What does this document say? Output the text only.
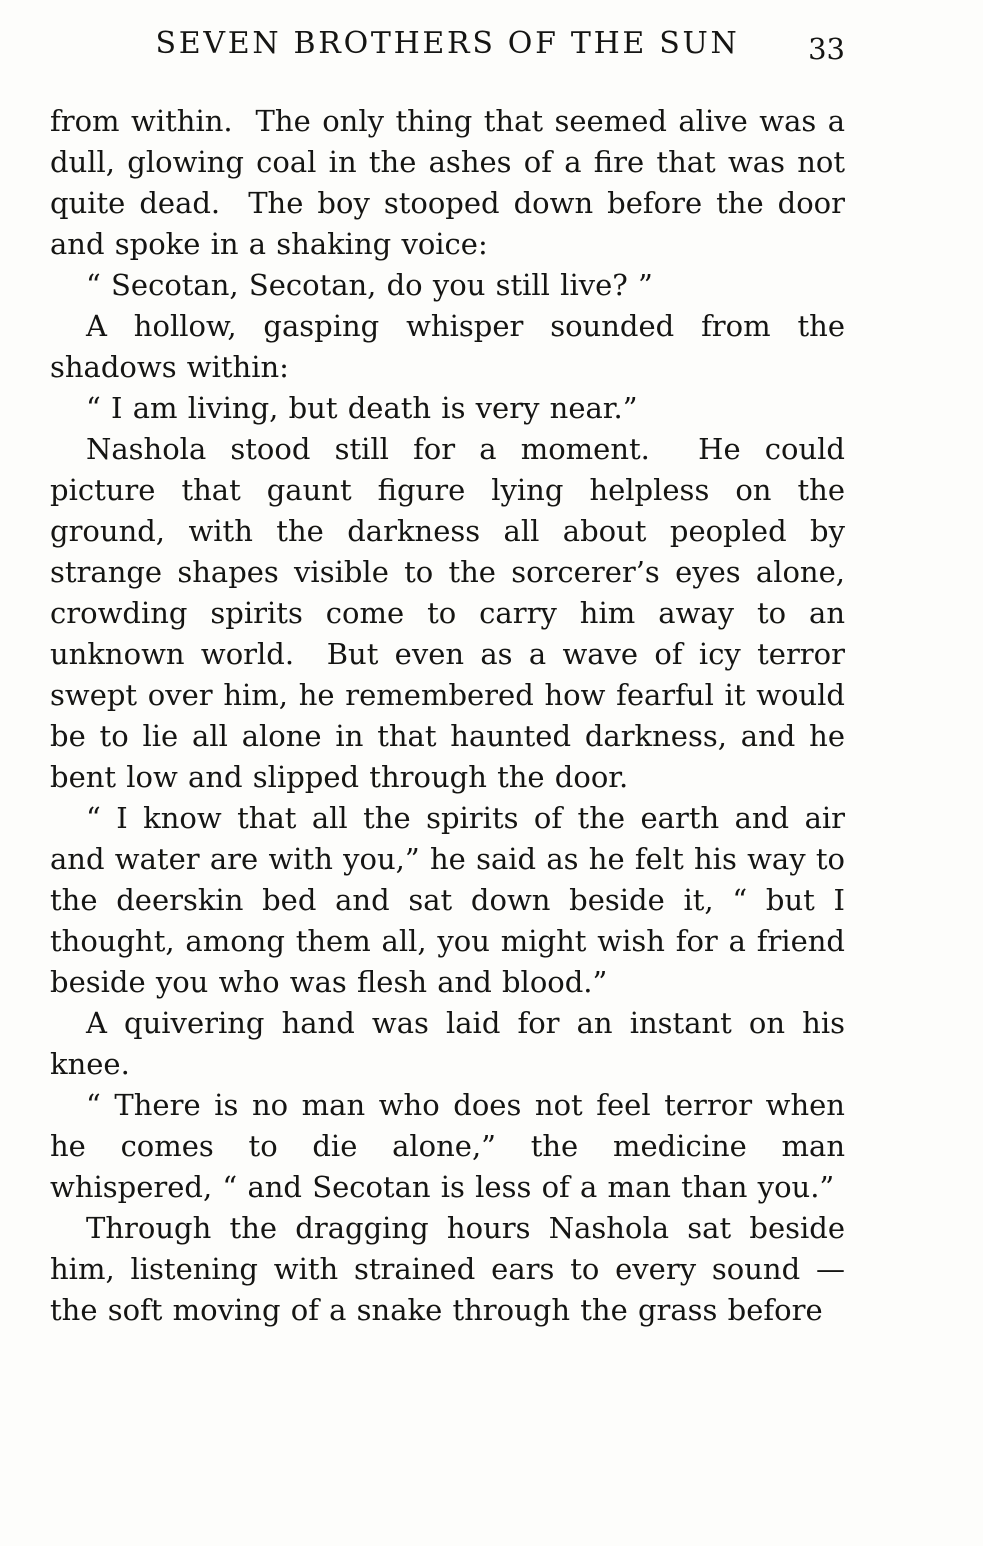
SEVEN BROTHERS OF THE SUN	33

from within.  The only thing that seemed alive was a dull, glowing coal in the ashes of a fire that was not quite dead.  The boy stooped down before the door and spoke in a shaking voice:

“ Secotan, Secotan, do you still live? ”

A hollow, gasping whisper sounded from the shadows within:

“ I am living, but death is very near.”

Nashola stood still for a moment.  He could picture that gaunt figure lying helpless on the ground, with the darkness all about peopled by strange shapes visible to the sorcerer’s eyes alone, crowding spirits come to carry him away to an unknown world.  But even as a wave of icy terror swept over him, he remembered how fearful it would be to lie all alone in that haunted darkness, and he bent low and slipped through the door.

“ I know that all the spirits of the earth and air and water are with you,” he said as he felt his way to the deerskin bed and sat down beside it, “ but I thought, among them all, you might wish for a friend beside you who was flesh and blood.”

A quivering hand was laid for an instant on his knee.

“ There is no man who does not feel terror when he comes to die alone,” the medicine man whispered, “ and Secotan is less of a man than you.”

Through the dragging hours Nashola sat beside him, listening with strained ears to every sound — the soft moving of a snake through the grass before
